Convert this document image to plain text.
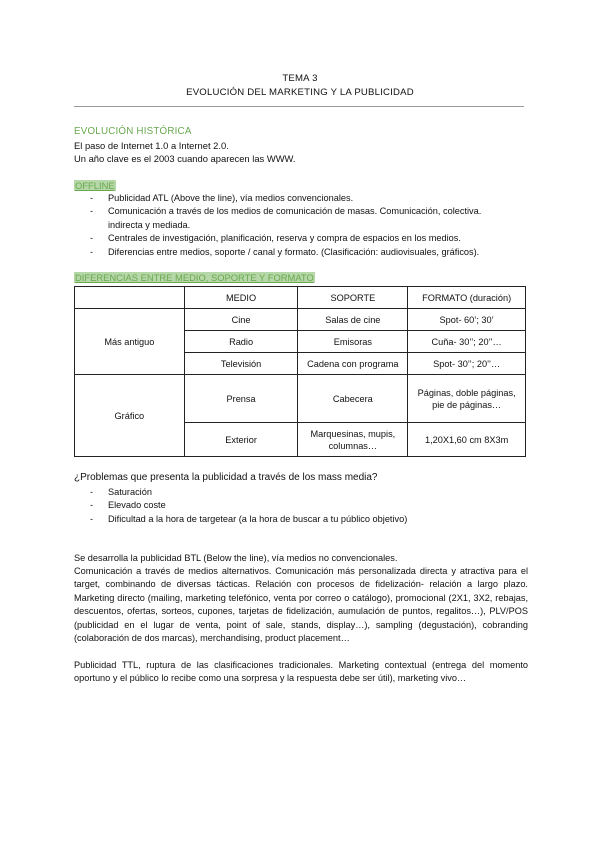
TEMA 3
EVOLUCIÓN DEL MARKETING Y LA PUBLICIDAD
EVOLUCIÓN HISTÓRICA
El paso de Internet 1.0 a Internet 2.0.
Un año clave es el 2003 cuando aparecen las WWW.
OFFLINE
- Publicidad ATL (Above the line), vía medios convencionales.
- Comunicación a través de los medios de comunicación de masas. Comunicación, colectiva.
indirecta y mediada.
- Centrales de investigación, planificación, reserva y compra de espacios en los medios.
- Diferencias entre medios, soporte / canal y formato. (Clasificación: audiovisuales, gráficos).
DIFERENCIAS ENTRE MEDIO, SOPORTE Y FORMATO
	MEDIO	SOPORTE	FORMATO (duración)
Más antiguo	Cine	Salas de cine	Spot- 60’; 30’
	Radio	Emisoras	Cuña- 30’’; 20’’…
	Televisión	Cadena con programa	Spot- 30’’; 20’’…
Gráfico	Prensa	Cabecera	Páginas, doble páginas, pie de páginas…
	Exterior	Marquesinas, mupis, columnas…	1,20X1,60 cm 8X3m
¿Problemas que presenta la publicidad a través de los mass media?
- Saturación
- Elevado coste
- Dificultad a la hora de targetear (a la hora de buscar a tu público objetivo)

Se desarrolla la publicidad BTL (Below the line), vía medios no convencionales.

Comunicación a través de medios alternativos. Comunicación más personalizada directa y atractiva para el target, combinando de diversas tácticas. Relación con procesos de fidelización- relación a largo plazo. Marketing directo (mailing, marketing telefónico, venta por correo o catálogo), promocional (2X1, 3X2, rebajas, descuentos, ofertas, sorteos, cupones, tarjetas de fidelización, aumulación de puntos, regalitos…), PLV/POS (publicidad en el lugar de venta, point of sale, stands, display…), sampling (degustación), cobranding (colaboración de dos marcas), merchandising, product placement…

Publicidad TTL, ruptura de las clasificaciones tradicionales. Marketing contextual (entrega del momento oportuno y el público lo recibe como una sorpresa y la respuesta debe ser útil), marketing vivo…
